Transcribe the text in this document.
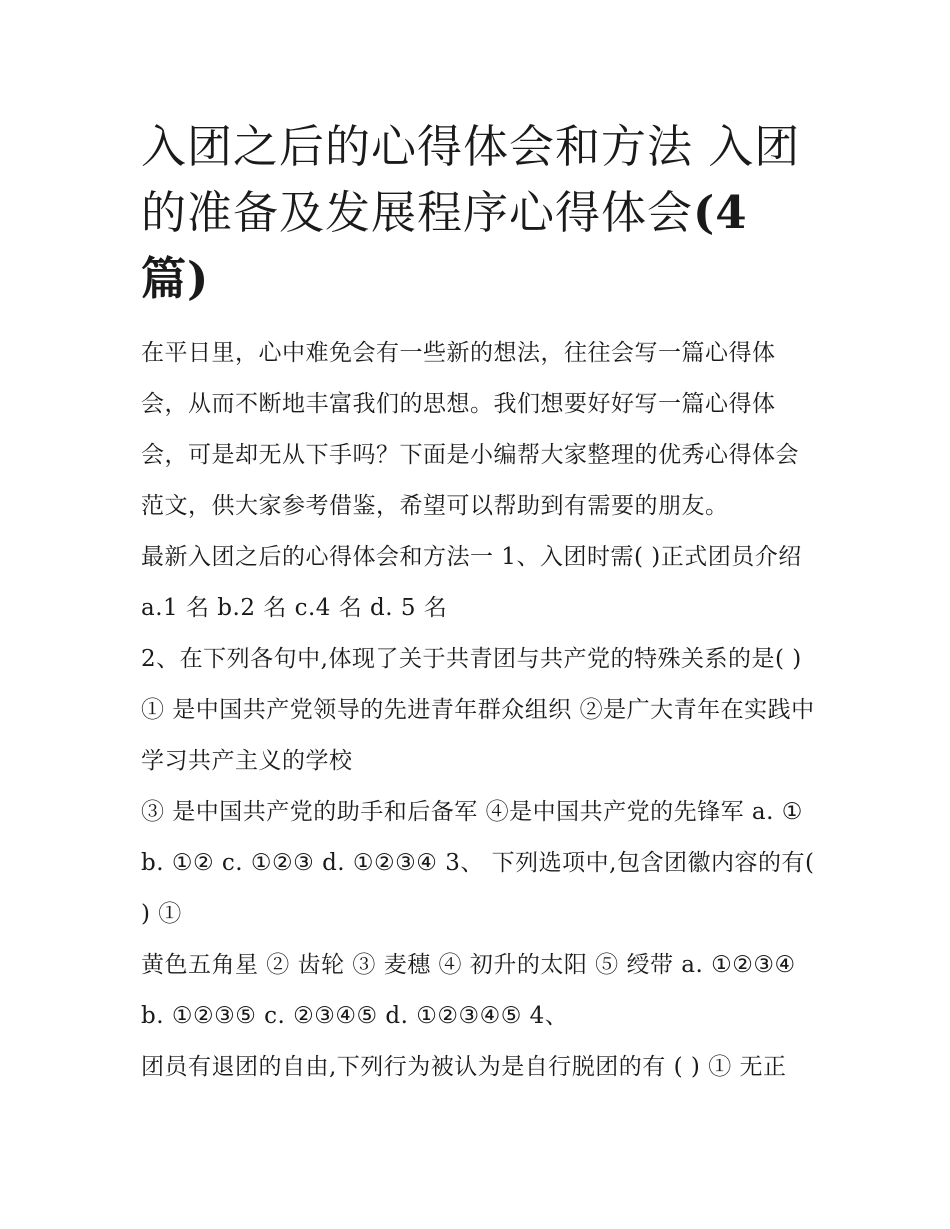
入团之后的心得体会和方法 入团的准备及发展程序心得体会(4 篇)

在平日里，心中难免会有一些新的想法，往往会写一篇心得体会，从而不断地丰富我们的思想。我们想要好好写一篇心得体会，可是却无从下手吗？下面是小编帮大家整理的优秀心得体会范文，供大家参考借鉴，希望可以帮助到有需要的朋友。

最新入团之后的心得体会和方法一 1、入团时需( )正式团员介绍 a.1 名 b.2 名 c.4 名 d. 5 名

2、在下列各句中,体现了关于共青团与共产党的特殊关系的是( ) ① 是中国共产党领导的先进青年群众组织 ②是广大青年在实践中学习共产主义的学校

③ 是中国共产党的助手和后备军 ④是中国共产党的先锋军 a. ① b. ①② c. ①②③ d. ①②③④ 3、 下列选项中,包含团徽内容的有( ) ①

黄色五角星 ② 齿轮 ③ 麦穗 ④ 初升的太阳 ⑤ 绶带 a. ①②③④ b. ①②③⑤ c. ②③④⑤ d. ①②③④⑤ 4、

团员有退团的自由,下列行为被认为是自行脱团的有 ( ) ① 无正
